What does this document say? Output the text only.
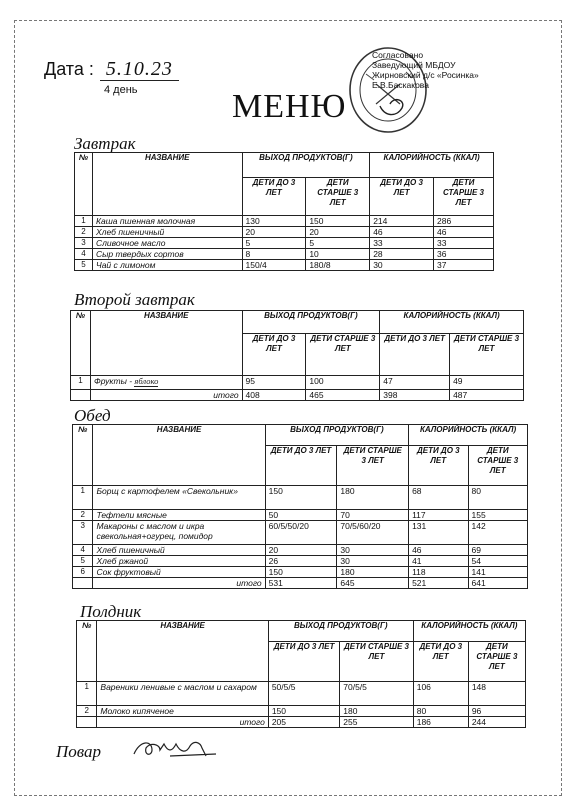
Дата : 5.10.23
4 день	МЕНЮ
Согласовано
Заведующий МБДОУ
Жирновский д/с «Росинка»
Е.В.Баскакова
Завтрак
№	НАЗВАНИЕ	ВЫХОД ПРОДУКТОВ(Г)		КАЛОРИЙНОСТЬ (ККАЛ)	
		ДЕТИ ДО 3 ЛЕТ	ДЕТИ СТАРШЕ 3 ЛЕТ	ДЕТИ ДО 3 ЛЕТ	ДЕТИ СТАРШЕ 3 ЛЕТ
1	Каша пшенная молочная	130	150	214	286
2	Хлеб пшеничный	20	20	46	46
3	Сливочное масло	5	5	33	33
4	Сыр твердых сортов	8	10	28	36
5	Чай с лимоном	150/4	180/8	30	37
Второй завтрак
№	НАЗВАНИЕ	ВЫХОД ПРОДУКТОВ(Г)		КАЛОРИЙНОСТЬ (ККАЛ)	
		ДЕТИ ДО 3 ЛЕТ	ДЕТИ СТАРШЕ 3 ЛЕТ	ДЕТИ ДО 3 ЛЕТ	ДЕТИ СТАРШЕ 3 ЛЕТ
1	Фрукты - яблоко	95	100	47	49
	итого	408	465	398	487
Обед
№	НАЗВАНИЕ	ВЫХОД ПРОДУКТОВ(Г)		КАЛОРИЙНОСТЬ (ККАЛ)	
		ДЕТИ ДО 3 ЛЕТ	ДЕТИ СТАРШЕ 3 ЛЕТ	ДЕТИ ДО 3 ЛЕТ	ДЕТИ СТАРШЕ 3 ЛЕТ
1	Борщ с картофелем «Свекольник»	150	180	68	80
2	Тефтели мясные	50	70	117	155
3	Макароны с маслом и икра свекольная+огурец, помидор	60/5/50/20	70/5/60/20	131	142
4	Хлеб пшеничный	20	30	46	69
5	Хлеб ржаной	26	30	41	54
6	Сок фруктовый	150	180	118	141
	итого	531	645	521	641
Полдник
№	НАЗВАНИЕ	ВЫХОД ПРОДУКТОВ(Г)		КАЛОРИЙНОСТЬ (ККАЛ)	
		ДЕТИ ДО 3 ЛЕТ	ДЕТИ СТАРШЕ 3 ЛЕТ	ДЕТИ ДО 3 ЛЕТ	ДЕТИ СТАРШЕ 3 ЛЕТ
1	Вареники ленивые с маслом и сахаром	50/5/5	70/5/5	106	148
2	Молоко кипяченое	150	180	80	96
	итого	205	255	186	244
Повар
